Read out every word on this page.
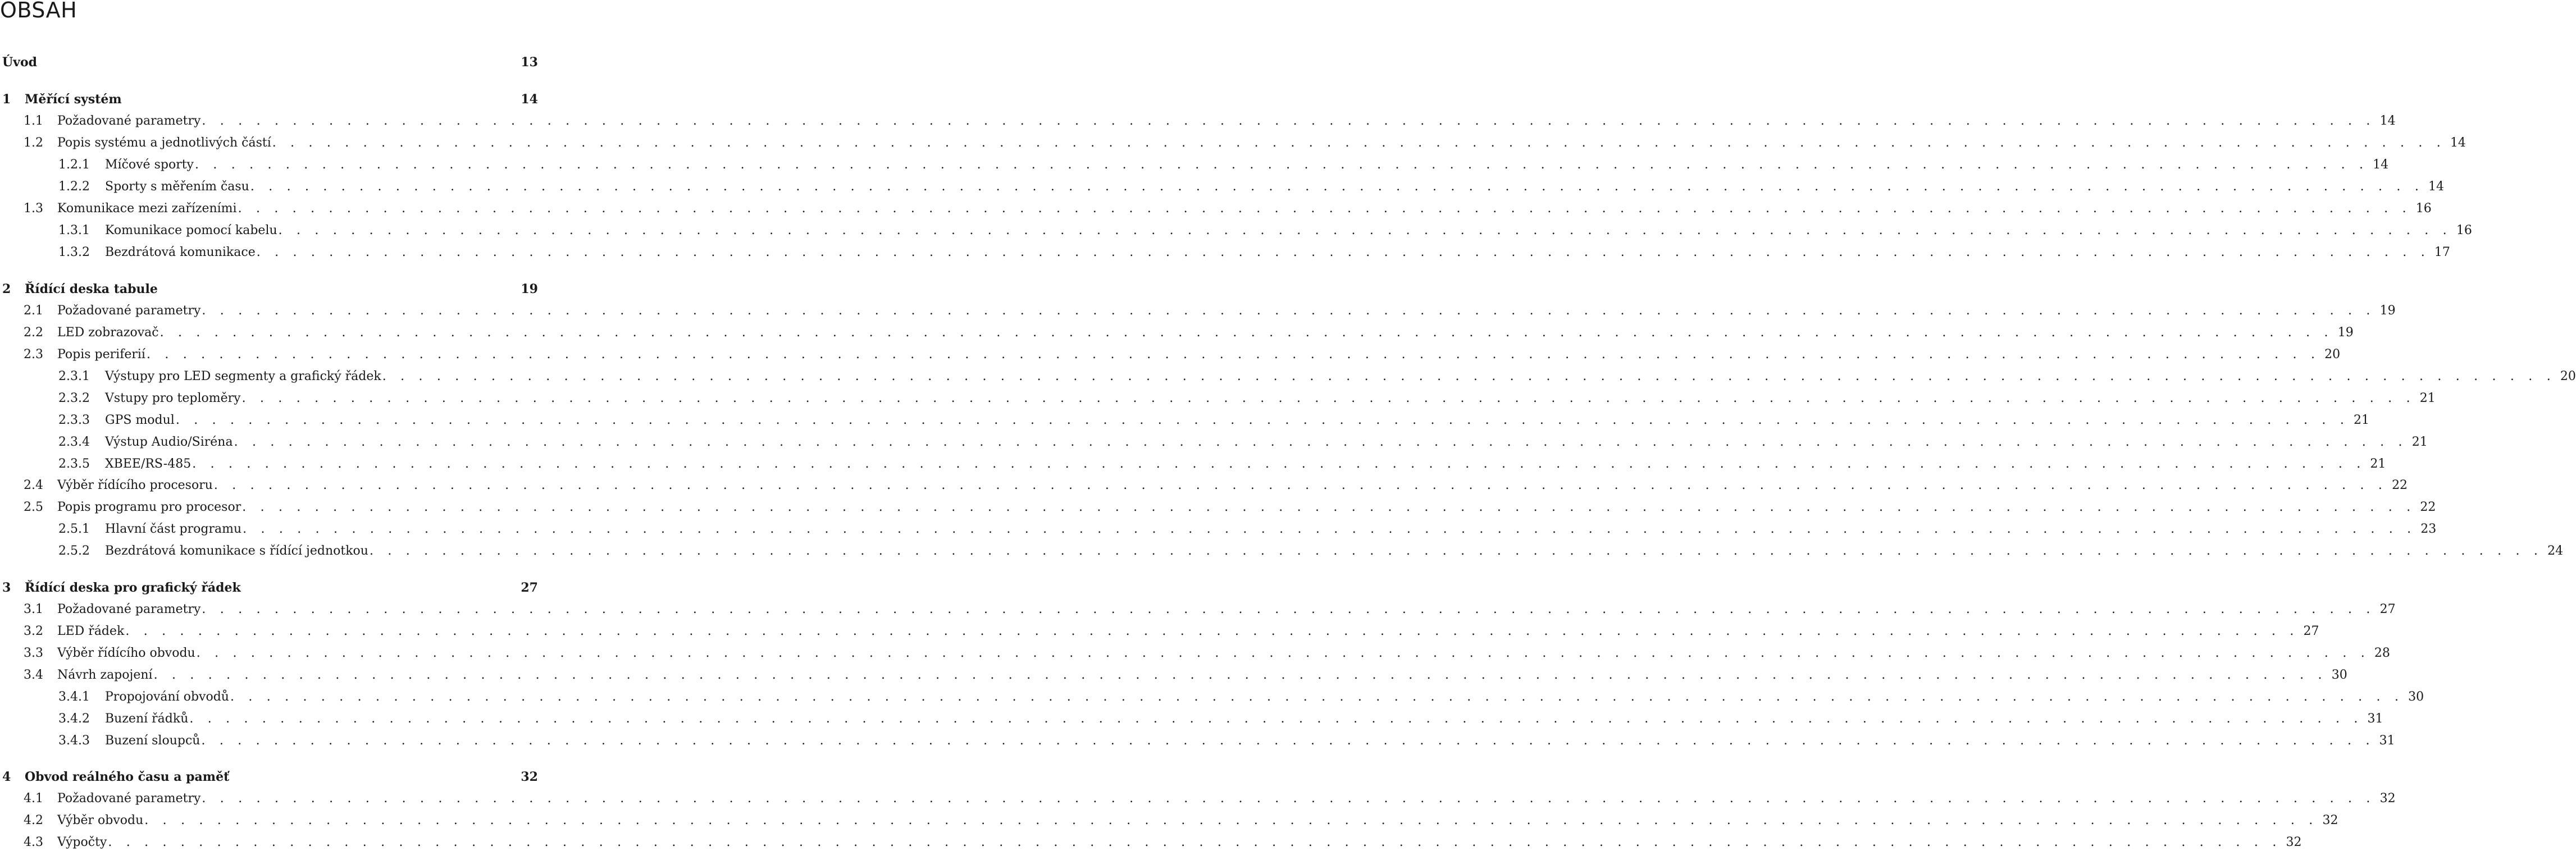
OBSAH
Úvod	13
1	Měřící systém	14
1.1	Požadované parametry . . . . . . . . . . . . . . . . . . . . . . . . . . . . . . . . . . . . . . . . . . . . . . . . . . . . . . . . . . . . . . . . . . . . . . . . . . . . . . . . . . . . . . . . . . . . . . . . . . . . . . . . . . . . . . . . . . . . . . . . 14
1.2	Popis systému a jednotlivých částí . . . . . . . . . . . . . . . . . . . . . . . . . . . . . . . . . . . . . . . . . . . . . . . . . . . . . . . . . . . . . . . . . . . . . . . . . . . . . . . . . . . . . . . . . . . . . . . . . . . . . . . . . . . . . . . . . . . . . . . . 14
1.2.1	Míčové sporty . . . . . . . . . . . . . . . . . . . . . . . . . . . . . . . . . . . . . . . . . . . . . . . . . . . . . . . . . . . . . . . . . . . . . . . . . . . . . . . . . . . . . . . . . . . . . . . . . . . . . . . . . . . . . . . . . . . . . . . . 14
1.2.2	Sporty s měřením času . . . . . . . . . . . . . . . . . . . . . . . . . . . . . . . . . . . . . . . . . . . . . . . . . . . . . . . . . . . . . . . . . . . . . . . . . . . . . . . . . . . . . . . . . . . . . . . . . . . . . . . . . . . . . . . . . . . . . . . . 14
1.3	Komunikace mezi zařízeními . . . . . . . . . . . . . . . . . . . . . . . . . . . . . . . . . . . . . . . . . . . . . . . . . . . . . . . . . . . . . . . . . . . . . . . . . . . . . . . . . . . . . . . . . . . . . . . . . . . . . . . . . . . . . . . . . . . . . . . . 16
1.3.1	Komunikace pomocí kabelu . . . . . . . . . . . . . . . . . . . . . . . . . . . . . . . . . . . . . . . . . . . . . . . . . . . . . . . . . . . . . . . . . . . . . . . . . . . . . . . . . . . . . . . . . . . . . . . . . . . . . . . . . . . . . . . . . . . . . . . . 16
1.3.2	Bezdrátová komunikace . . . . . . . . . . . . . . . . . . . . . . . . . . . . . . . . . . . . . . . . . . . . . . . . . . . . . . . . . . . . . . . . . . . . . . . . . . . . . . . . . . . . . . . . . . . . . . . . . . . . . . . . . . . . . . . . . . . . . . . . 17
2	Řídící deska tabule	19
2.1	Požadované parametry . . . . . . . . . . . . . . . . . . . . . . . . . . . . . . . . . . . . . . . . . . . . . . . . . . . . . . . . . . . . . . . . . . . . . . . . . . . . . . . . . . . . . . . . . . . . . . . . . . . . . . . . . . . . . . . . . . . . . . . . 19
2.2	LED zobrazovač . . . . . . . . . . . . . . . . . . . . . . . . . . . . . . . . . . . . . . . . . . . . . . . . . . . . . . . . . . . . . . . . . . . . . . . . . . . . . . . . . . . . . . . . . . . . . . . . . . . . . . . . . . . . . . . . . . . . . . . . 19
2.3	Popis periferií . . . . . . . . . . . . . . . . . . . . . . . . . . . . . . . . . . . . . . . . . . . . . . . . . . . . . . . . . . . . . . . . . . . . . . . . . . . . . . . . . . . . . . . . . . . . . . . . . . . . . . . . . . . . . . . . . . . . . . . . 20
2.3.1	Výstupy pro LED segmenty a grafický řádek . . . . . . . . . . . . . . . . . . . . . . . . . . . . . . . . . . . . . . . . . . . . . . . . . . . . . . . . . . . . . . . . . . . . . . . . . . . . . . . . . . . . . . . . . . . . . . . . . . . . . . . . . . . . . . . . . . . . . . . . 20
2.3.2	Vstupy pro teploměry . . . . . . . . . . . . . . . . . . . . . . . . . . . . . . . . . . . . . . . . . . . . . . . . . . . . . . . . . . . . . . . . . . . . . . . . . . . . . . . . . . . . . . . . . . . . . . . . . . . . . . . . . . . . . . . . . . . . . . . . 21
2.3.3	GPS modul . . . . . . . . . . . . . . . . . . . . . . . . . . . . . . . . . . . . . . . . . . . . . . . . . . . . . . . . . . . . . . . . . . . . . . . . . . . . . . . . . . . . . . . . . . . . . . . . . . . . . . . . . . . . . . . . . . . . . . . . 21
2.3.4	Výstup Audio/Siréna . . . . . . . . . . . . . . . . . . . . . . . . . . . . . . . . . . . . . . . . . . . . . . . . . . . . . . . . . . . . . . . . . . . . . . . . . . . . . . . . . . . . . . . . . . . . . . . . . . . . . . . . . . . . . . . . . . . . . . . . 21
2.3.5	XBEE/RS-485 . . . . . . . . . . . . . . . . . . . . . . . . . . . . . . . . . . . . . . . . . . . . . . . . . . . . . . . . . . . . . . . . . . . . . . . . . . . . . . . . . . . . . . . . . . . . . . . . . . . . . . . . . . . . . . . . . . . . . . . . 21
2.4	Výběr řídícího procesoru . . . . . . . . . . . . . . . . . . . . . . . . . . . . . . . . . . . . . . . . . . . . . . . . . . . . . . . . . . . . . . . . . . . . . . . . . . . . . . . . . . . . . . . . . . . . . . . . . . . . . . . . . . . . . . . . . . . . . . . . 22
2.5	Popis programu pro procesor . . . . . . . . . . . . . . . . . . . . . . . . . . . . . . . . . . . . . . . . . . . . . . . . . . . . . . . . . . . . . . . . . . . . . . . . . . . . . . . . . . . . . . . . . . . . . . . . . . . . . . . . . . . . . . . . . . . . . . . . 22
2.5.1	Hlavní část programu . . . . . . . . . . . . . . . . . . . . . . . . . . . . . . . . . . . . . . . . . . . . . . . . . . . . . . . . . . . . . . . . . . . . . . . . . . . . . . . . . . . . . . . . . . . . . . . . . . . . . . . . . . . . . . . . . . . . . . . . 23
2.5.2	Bezdrátová komunikace s řídící jednotkou . . . . . . . . . . . . . . . . . . . . . . . . . . . . . . . . . . . . . . . . . . . . . . . . . . . . . . . . . . . . . . . . . . . . . . . . . . . . . . . . . . . . . . . . . . . . . . . . . . . . . . . . . . . . . . . . . . . . . . . . 24
3	Řídící deska pro grafický řádek	27
3.1	Požadované parametry . . . . . . . . . . . . . . . . . . . . . . . . . . . . . . . . . . . . . . . . . . . . . . . . . . . . . . . . . . . . . . . . . . . . . . . . . . . . . . . . . . . . . . . . . . . . . . . . . . . . . . . . . . . . . . . . . . . . . . . . 27
3.2	LED řádek . . . . . . . . . . . . . . . . . . . . . . . . . . . . . . . . . . . . . . . . . . . . . . . . . . . . . . . . . . . . . . . . . . . . . . . . . . . . . . . . . . . . . . . . . . . . . . . . . . . . . . . . . . . . . . . . . . . . . . . . 27
3.3	Výběr řídícího obvodu . . . . . . . . . . . . . . . . . . . . . . . . . . . . . . . . . . . . . . . . . . . . . . . . . . . . . . . . . . . . . . . . . . . . . . . . . . . . . . . . . . . . . . . . . . . . . . . . . . . . . . . . . . . . . . . . . . . . . . . . 28
3.4	Návrh zapojení . . . . . . . . . . . . . . . . . . . . . . . . . . . . . . . . . . . . . . . . . . . . . . . . . . . . . . . . . . . . . . . . . . . . . . . . . . . . . . . . . . . . . . . . . . . . . . . . . . . . . . . . . . . . . . . . . . . . . . . . 30
3.4.1	Propojování obvodů . . . . . . . . . . . . . . . . . . . . . . . . . . . . . . . . . . . . . . . . . . . . . . . . . . . . . . . . . . . . . . . . . . . . . . . . . . . . . . . . . . . . . . . . . . . . . . . . . . . . . . . . . . . . . . . . . . . . . . . . 30
3.4.2	Buzení řádků . . . . . . . . . . . . . . . . . . . . . . . . . . . . . . . . . . . . . . . . . . . . . . . . . . . . . . . . . . . . . . . . . . . . . . . . . . . . . . . . . . . . . . . . . . . . . . . . . . . . . . . . . . . . . . . . . . . . . . . . 31
3.4.3	Buzení sloupců . . . . . . . . . . . . . . . . . . . . . . . . . . . . . . . . . . . . . . . . . . . . . . . . . . . . . . . . . . . . . . . . . . . . . . . . . . . . . . . . . . . . . . . . . . . . . . . . . . . . . . . . . . . . . . . . . . . . . . . . 31
4	Obvod reálného času a paměť	32
4.1	Požadované parametry . . . . . . . . . . . . . . . . . . . . . . . . . . . . . . . . . . . . . . . . . . . . . . . . . . . . . . . . . . . . . . . . . . . . . . . . . . . . . . . . . . . . . . . . . . . . . . . . . . . . . . . . . . . . . . . . . . . . . . . . 32
4.2	Výběr obvodu . . . . . . . . . . . . . . . . . . . . . . . . . . . . . . . . . . . . . . . . . . . . . . . . . . . . . . . . . . . . . . . . . . . . . . . . . . . . . . . . . . . . . . . . . . . . . . . . . . . . . . . . . . . . . . . . . . . . . . . . 32
4.3	Výpočty . . . . . . . . . . . . . . . . . . . . . . . . . . . . . . . . . . . . . . . . . . . . . . . . . . . . . . . . . . . . . . . . . . . . . . . . . . . . . . . . . . . . . . . . . . . . . . . . . . . . . . . . . . . . . . . . . . . . . . . . 32
